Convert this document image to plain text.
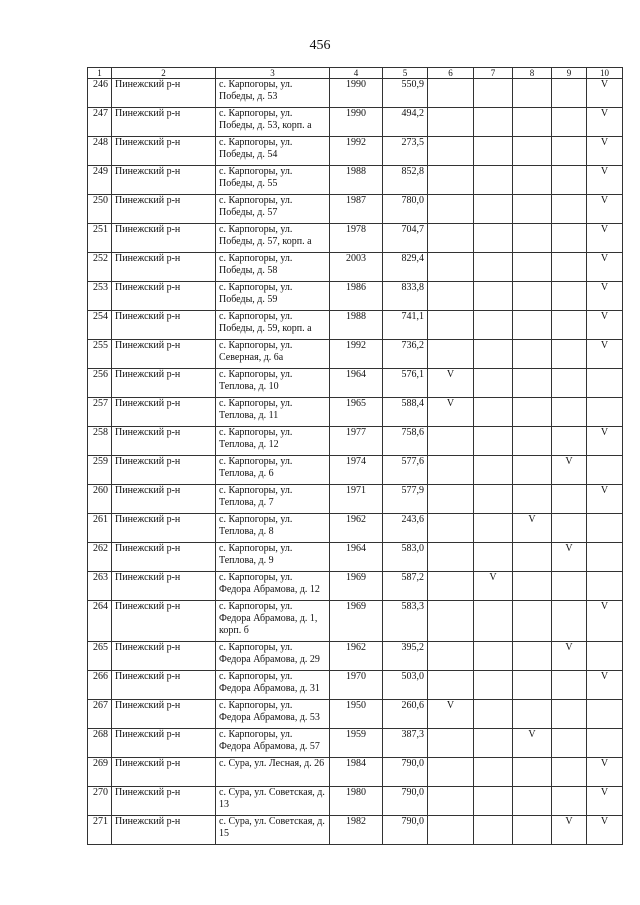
456
1	2	3	4	5	6	7	8	9	10
246	Пинежский р-н	с. Карпогоры, ул. Победы, д. 53	1990	550,9					V
247	Пинежский р-н	с. Карпогоры, ул. Победы, д. 53, корп. а	1990	494,2					V
248	Пинежский р-н	с. Карпогоры, ул. Победы, д. 54	1992	273,5					V
249	Пинежский р-н	с. Карпогоры, ул. Победы, д. 55	1988	852,8					V
250	Пинежский р-н	с. Карпогоры, ул. Победы, д. 57	1987	780,0					V
251	Пинежский р-н	с. Карпогоры, ул. Победы, д. 57, корп. а	1978	704,7					V
252	Пинежский р-н	с. Карпогоры, ул. Победы, д. 58	2003	829,4					V
253	Пинежский р-н	с. Карпогоры, ул. Победы, д. 59	1986	833,8					V
254	Пинежский р-н	с. Карпогоры, ул. Победы, д. 59, корп. а	1988	741,1					V
255	Пинежский р-н	с. Карпогоры, ул. Северная, д. 6а	1992	736,2					V
256	Пинежский р-н	с. Карпогоры, ул. Теплова, д. 10	1964	576,1	V				
257	Пинежский р-н	с. Карпогоры, ул. Теплова, д. 11	1965	588,4	V				
258	Пинежский р-н	с. Карпогоры, ул. Теплова, д. 12	1977	758,6					V
259	Пинежский р-н	с. Карпогоры, ул. Теплова, д. 6	1974	577,6				V	
260	Пинежский р-н	с. Карпогоры, ул. Теплова, д. 7	1971	577,9					V
261	Пинежский р-н	с. Карпогоры, ул. Теплова, д. 8	1962	243,6			V		
262	Пинежский р-н	с. Карпогоры, ул. Теплова, д. 9	1964	583,0				V	
263	Пинежский р-н	с. Карпогоры, ул. Федора Абрамова, д. 12	1969	587,2		V			
264	Пинежский р-н	с. Карпогоры, ул. Федора Абрамова, д. 1, корп. б	1969	583,3					V
265	Пинежский р-н	с. Карпогоры, ул. Федора Абрамова, д. 29	1962	395,2				V	
266	Пинежский р-н	с. Карпогоры, ул. Федора Абрамова, д. 31	1970	503,0					V
267	Пинежский р-н	с. Карпогоры, ул. Федора Абрамова, д. 53	1950	260,6	V				
268	Пинежский р-н	с. Карпогоры, ул. Федора Абрамова, д. 57	1959	387,3			V		
269	Пинежский р-н	с. Сура, ул. Лесная, д. 26	1984	790,0					V
270	Пинежский р-н	с. Сура, ул. Советская, д. 13	1980	790,0					V
271	Пинежский р-н	с. Сура, ул. Советская, д. 15	1982	790,0				V	V
